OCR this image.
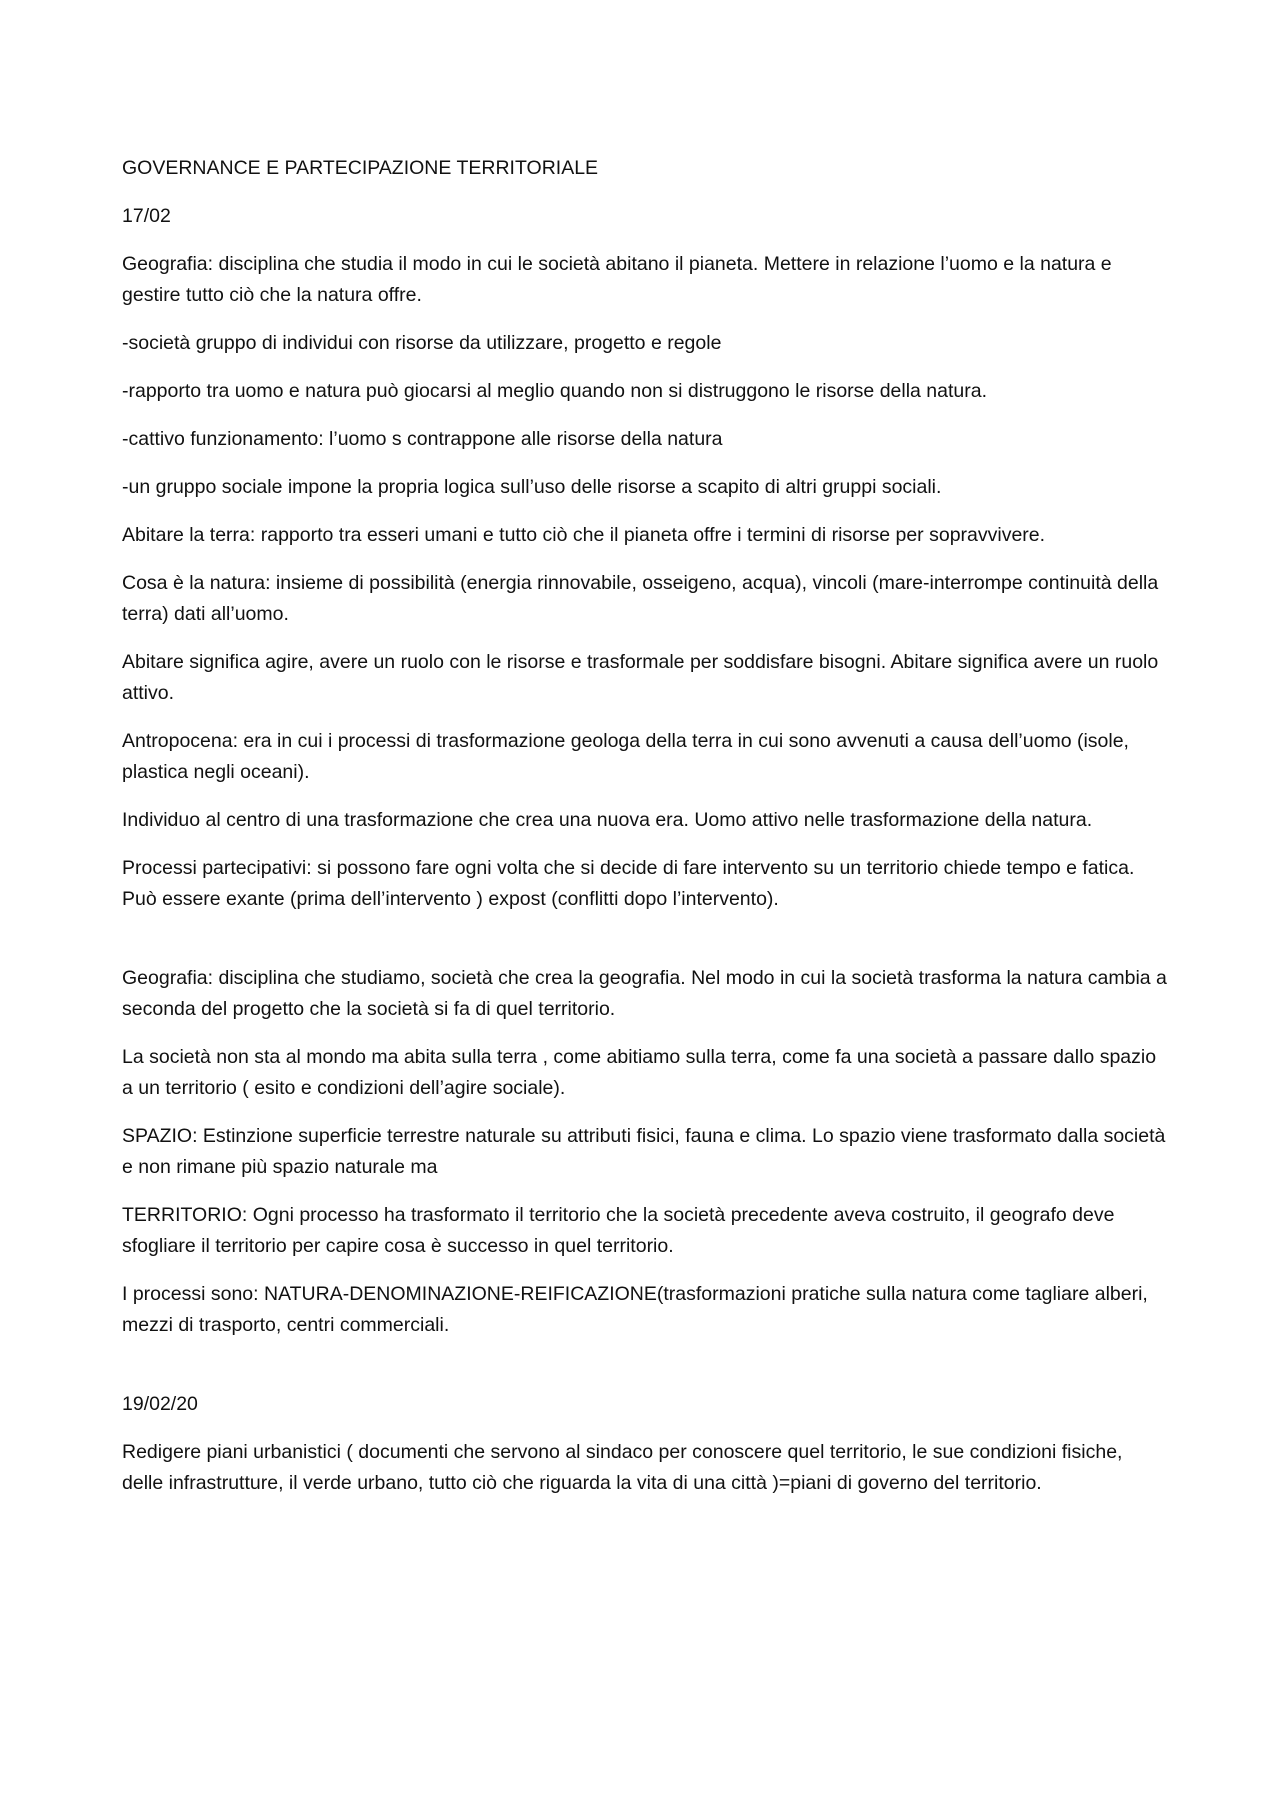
GOVERNANCE E PARTECIPAZIONE TERRITORIALE

17/02

Geografia: disciplina che studia il modo in cui le società abitano il pianeta. Mettere in relazione l’uomo e la natura e gestire tutto ciò che la natura offre.

-società gruppo di individui con risorse da utilizzare, progetto e regole

-rapporto tra uomo e natura può giocarsi al meglio quando non si distruggono le risorse della natura.

-cattivo funzionamento: l’uomo s contrappone alle risorse della natura

-un gruppo sociale impone la propria logica sull’uso delle risorse a scapito di altri gruppi sociali.

Abitare la terra: rapporto tra esseri umani e tutto ciò che il pianeta offre i termini di risorse per sopravvivere.

Cosa è la natura: insieme di possibilità (energia rinnovabile, osseigeno, acqua), vincoli (mare-interrompe continuità della terra) dati all’uomo.

Abitare significa agire, avere un ruolo con le risorse e trasformale per soddisfare bisogni. Abitare significa avere un ruolo attivo.

Antropocena: era in cui i processi di trasformazione geologa della terra in cui sono avvenuti a causa dell’uomo (isole, plastica negli oceani).

Individuo al centro di una trasformazione che crea una nuova era. Uomo attivo nelle trasformazione della natura.

Processi partecipativi: si possono fare ogni volta che si decide di fare intervento su un territorio chiede tempo e fatica. Può essere exante (prima dell’intervento ) expost (conflitti dopo l’intervento).

Geografia: disciplina che studiamo, società che crea la geografia. Nel modo in cui la società trasforma la natura cambia a seconda del progetto che la società si fa di quel territorio.

La società non sta al mondo ma abita sulla terra , come abitiamo sulla terra, come fa una società a passare dallo spazio a un territorio ( esito e condizioni dell’agire sociale).

SPAZIO: Estinzione superficie terrestre naturale su attributi fisici, fauna e clima. Lo spazio viene trasformato dalla società e non rimane più spazio naturale ma

TERRITORIO: Ogni processo ha trasformato il territorio che la società precedente aveva costruito, il geografo deve sfogliare il territorio per capire cosa è successo in quel territorio.

I processi sono: NATURA-DENOMINAZIONE-REIFICAZIONE(trasformazioni pratiche sulla natura come tagliare alberi, mezzi di trasporto, centri commerciali.

19/02/20

Redigere piani urbanistici ( documenti che servono al sindaco per conoscere quel territorio, le sue condizioni fisiche, delle infrastrutture, il verde urbano, tutto ciò che riguarda la vita di una città )=piani di governo del territorio.
